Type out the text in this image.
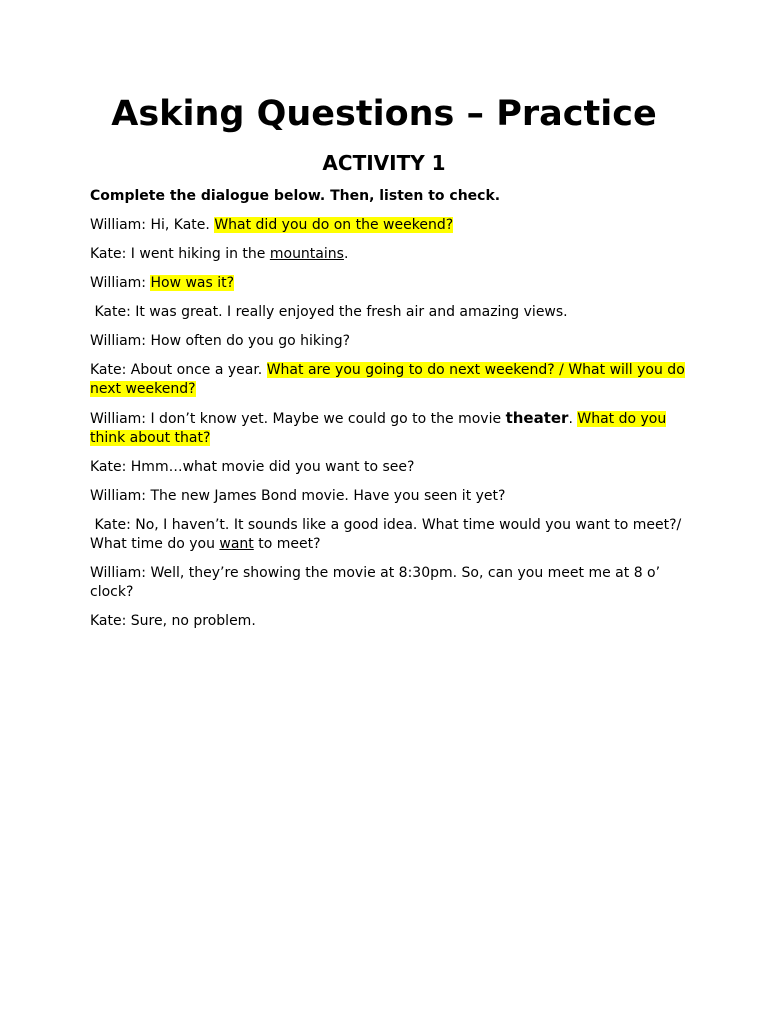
Asking Questions – Practice
ACTIVITY 1

Complete the dialogue below. Then, listen to check.

William: Hi, Kate. What did you do on the weekend?

Kate: I went hiking in the mountains.

William: How was it?

Kate: It was great. I really enjoyed the fresh air and amazing views.

William: How often do you go hiking?

Kate: About once a year. What are you going to do next weekend? / What will you do next weekend?

William: I don’t know yet. Maybe we could go to the movie theater. What do you think about that?

Kate: Hmm…what movie did you want to see?

William: The new James Bond movie. Have you seen it yet?

Kate: No, I haven’t. It sounds like a good idea. What time would you want to meet?/ What time do you want to meet?

William: Well, they’re showing the movie at 8:30pm. So, can you meet me at 8 o’ clock?

Kate: Sure, no problem.
